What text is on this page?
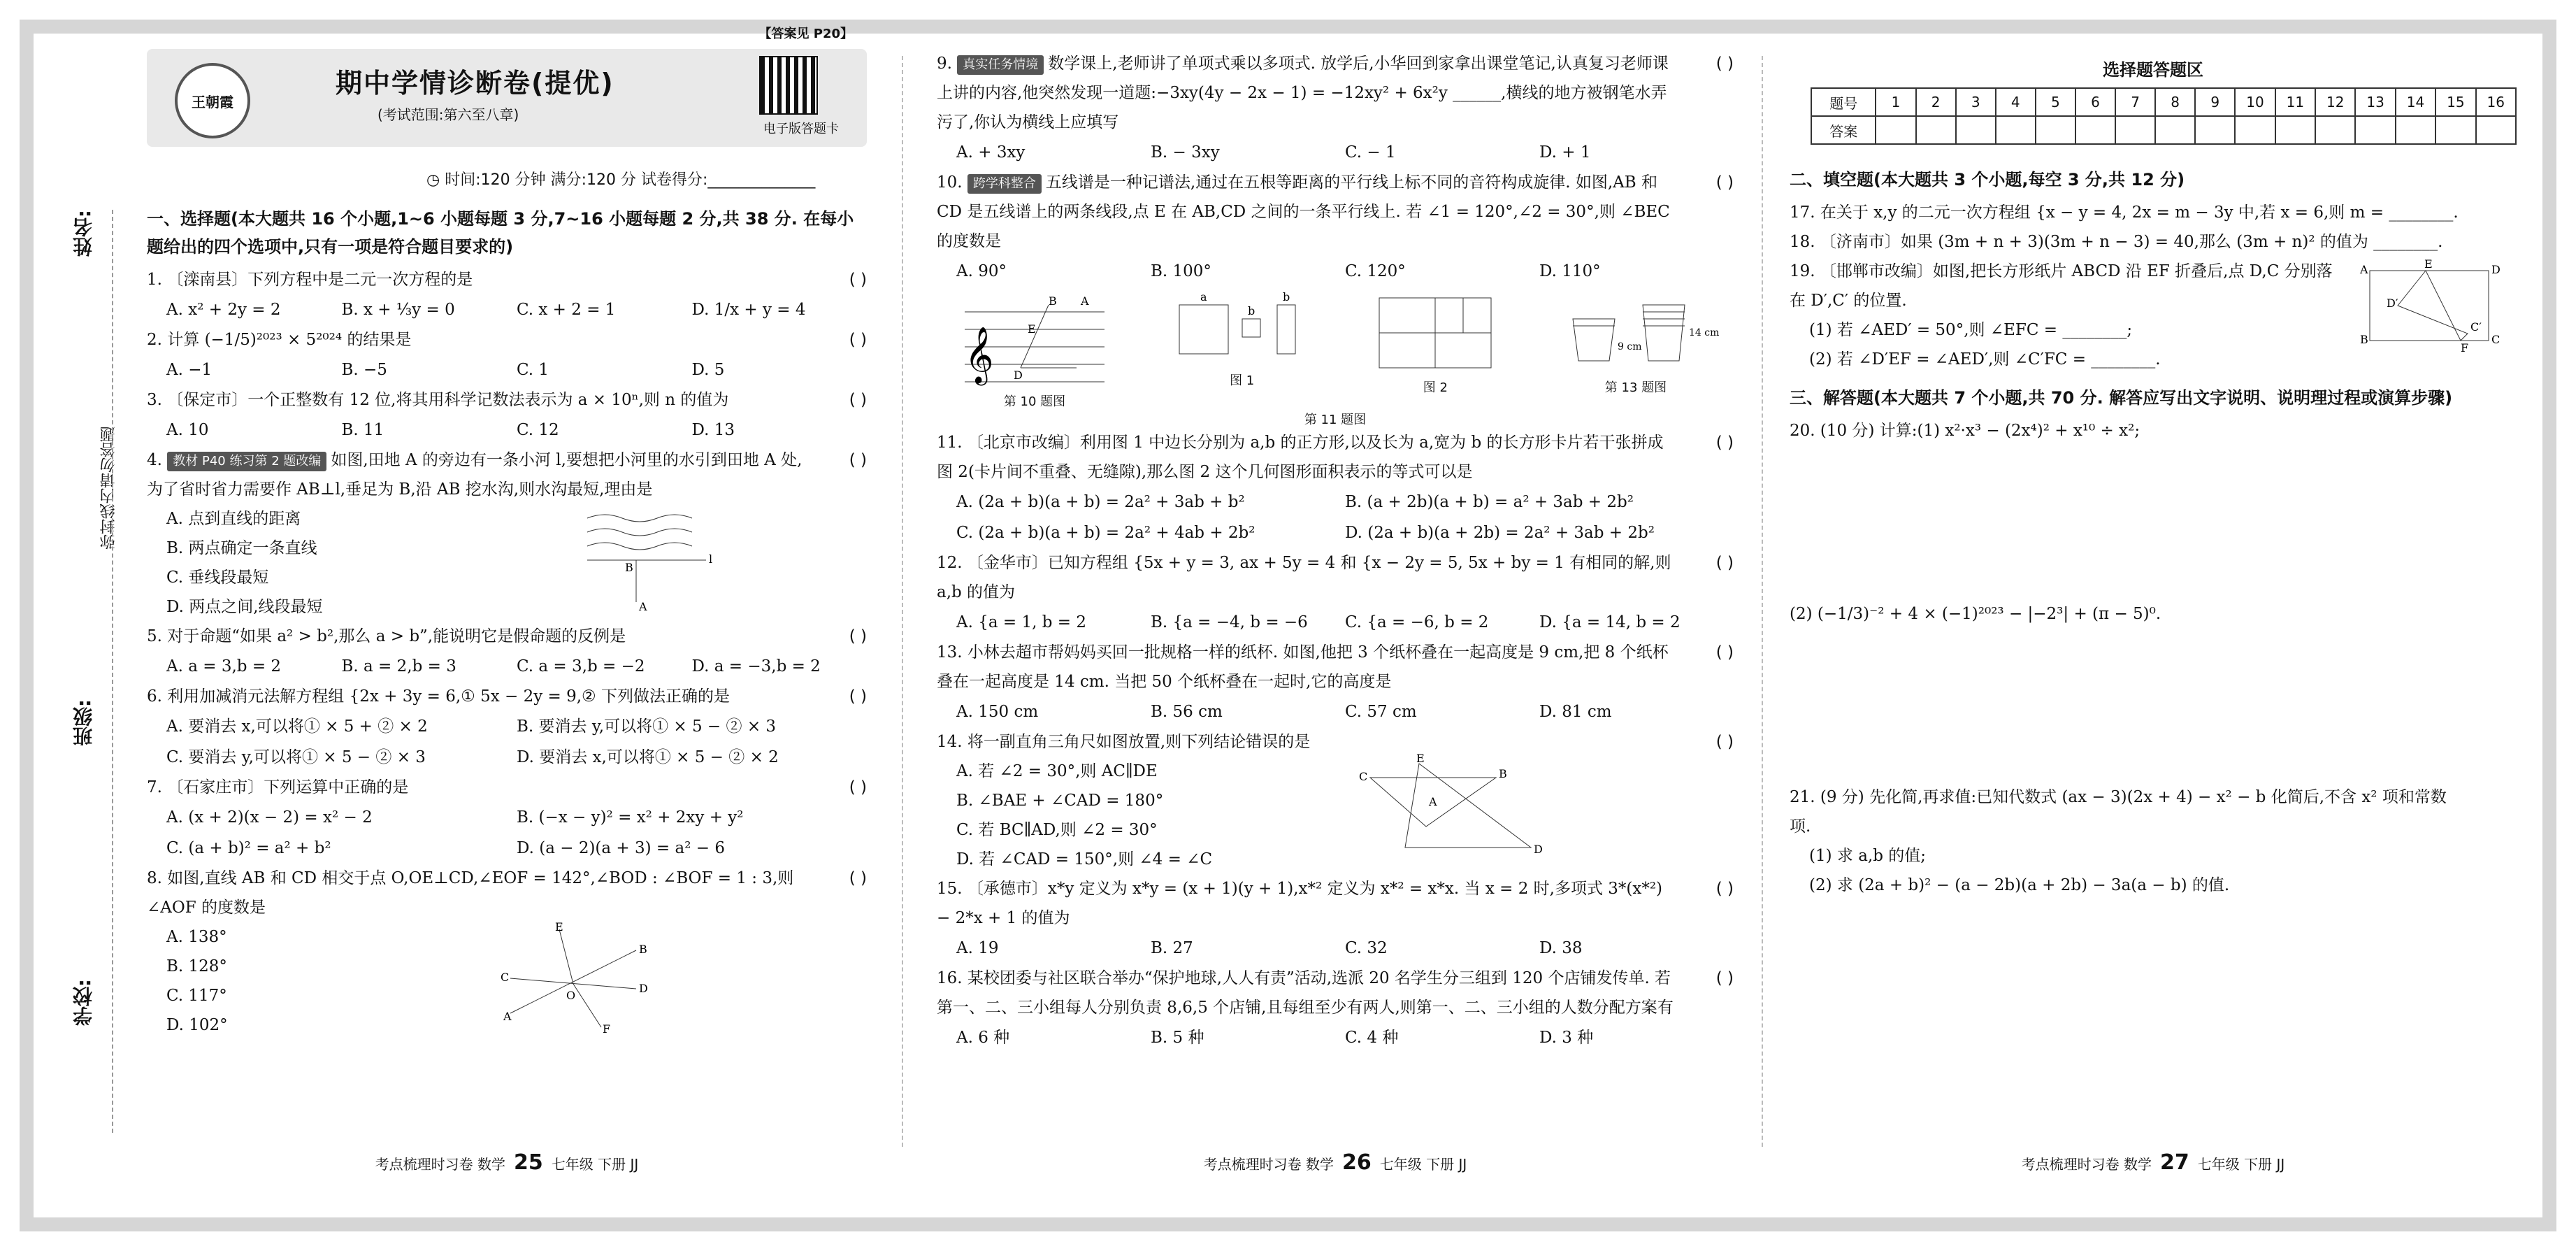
姓名:
弥封线内请勿答题
班级:
学校:
【答案见 P20】
王朝霞
期中学情诊断卷(提优)
(考试范围:第六至八章)
电子版答题卡
◷ 时间:120 分钟 满分:120 分 试卷得分:______________
一、选择题(本大题共 16 个小题,1~6 小题每题 3 分,7~16 小题每题 2 分,共 38 分. 在每小题给出的四个选项中,只有一项是符合题目要求的)
1. 〔滦南县〕下列方程中是二元一次方程的是	( )
A. x² + 2y = 2	B. x + ⅓y = 0	C. x + 2 = 1	D. 1/x + y = 4
2. 计算 (−1/5)²⁰²³ × 5²⁰²⁴ 的结果是	( )
A. −1	B. −5	C. 1	D. 5
3. 〔保定市〕一个正整数有 12 位,将其用科学记数法表示为 a × 10ⁿ,则 n 的值为	( )
A. 10	B. 11	C. 12	D. 13
4. 教材 P40 练习第 2 题改编 如图,田地 A 的旁边有一条小河 l,要想把小河里的水引到田地 A 处,为了省时省力需要作 AB⊥l,垂足为 B,沿 AB 挖水沟,则水沟最短,理由是
( )
A. 点到直线的距离
B. 两点确定一条直线
C. 垂线段最短
D. 两点之间,线段最短
B
A
l
5. 对于命题“如果 a² > b²,那么 a > b”,能说明它是假命题的反例是	( )
A. a = 3,b = 2	B. a = 2,b = 3	C. a = 3,b = −2	D. a = −3,b = 2
6. 利用加减消元法解方程组 {2x + 3y = 6,① 5x − 2y = 9,② 下列做法正确的是	( )
A. 要消去 x,可以将① × 5 + ② × 2	B. 要消去 y,可以将① × 5 − ② × 3
C. 要消去 y,可以将① × 5 − ② × 3	D. 要消去 x,可以将① × 5 − ② × 2
7. 〔石家庄市〕下列运算中正确的是	( )
A. (x + 2)(x − 2) = x² − 2	B. (−x − y)² = x² + 2xy + y²
C. (a + b)² = a² + b²	D. (a − 2)(a + 3) = a² − 6
8. 如图,直线 AB 和 CD 相交于点 O,OE⊥CD,∠EOF = 142°,∠BOD : ∠BOF = 1 : 3,则 ∠AOF 的度数是
( )
A. 138°
B. 128°
C. 117°
D. 102°
E
B
D
C
A
O
F
考点梳理时习卷 数学 25 七年级 下册 JJ
9. 真实任务情境 数学课上,老师讲了单项式乘以多项式. 放学后,小华回到家拿出课堂笔记,认真复习老师课上讲的内容,他突然发现一道题:−3xy(4y − 2x − 1) = −12xy² + 6x²y ______,横线的地方被钢笔水弄污了,你认为横线上应填写
( )
A. + 3xy	B. − 3xy	C. − 1	D. + 1
10. 跨学科整合 五线谱是一种记谱法,通过在五根等距离的平行线上标不同的音符构成旋律. 如图,AB 和 CD 是五线谱上的两条线段,点 E 在 AB,CD 之间的一条平行线上. 若 ∠1 = 120°,∠2 = 30°,则 ∠BEC 的度数是
( )
A. 90°	B. 100°	C. 120°	D. 110°
𝄞
B A
D
E
第 10 题图
a
b
b
图 1	图 2
9 cm
14 cm
第 13 题图
第 11 题图
11. 〔北京市改编〕利用图 1 中边长分别为 a,b 的正方形,以及长为 a,宽为 b 的长方形卡片若干张拼成图 2(卡片间不重叠、无缝隙),那么图 2 这个几何图形面积表示的等式可以是
( )
A. (2a + b)(a + b) = 2a² + 3ab + b²	B. (a + 2b)(a + b) = a² + 3ab + 2b²
C. (2a + b)(a + b) = 2a² + 4ab + 2b²	D. (2a + b)(a + 2b) = 2a² + 3ab + 2b²
12. 〔金华市〕已知方程组 {5x + y = 3, ax + 5y = 4 和 {x − 2y = 5, 5x + by = 1 有相同的解,则 a,b 的值为
( )
A. {a = 1, b = 2	B. {a = −4, b = −6	C. {a = −6, b = 2	D. {a = 14, b = 2
13. 小林去超市帮妈妈买回一批规格一样的纸杯. 如图,他把 3 个纸杯叠在一起高度是 9 cm,把 8 个纸杯叠在一起高度是 14 cm. 当把 50 个纸杯叠在一起时,它的高度是
( )
A. 150 cm	B. 56 cm	C. 57 cm	D. 81 cm
14. 将一副直角三角尺如图放置,则下列结论错误的是	( )
A. 若 ∠2 = 30°,则 AC∥DE
B. ∠BAE + ∠CAD = 180°
C. 若 BC∥AD,则 ∠2 = 30°
D. 若 ∠CAD = 150°,则 ∠4 = ∠C
C
E
B
A
D
15. 〔承德市〕x*y 定义为 x*y = (x + 1)(y + 1),x*² 定义为 x*² = x*x. 当 x = 2 时,多项式 3*(x*²) − 2*x + 1 的值为
( )
A. 19	B. 27	C. 32	D. 38
16. 某校团委与社区联合举办“保护地球,人人有责”活动,选派 20 名学生分三组到 120 个店铺发传单. 若第一、二、三小组每人分别负责 8,6,5 个店铺,且每组至少有两人,则第一、二、三小组的人数分配方案有
( )
A. 6 种	B. 5 种	C. 4 种	D. 3 种
考点梳理时习卷 数学 26 七年级 下册 JJ
选择题答题区
题号	1	2	3	4	5	6	7	8	9	10	11	12	13	14	15	16
答案																
二、填空题(本大题共 3 个小题,每空 3 分,共 12 分)
17. 在关于 x,y 的二元一次方程组 {x − y = 4, 2x = m − 3y 中,若 x = 6,则 m = ________.
18. 〔济南市〕如果 (3m + n + 3)(3m + n − 3) = 40,那么 (3m + n)² 的值为 ________.
19. 〔邯郸市改编〕如图,把长方形纸片 ABCD 沿 EF 折叠后,点 D,C 分别落在 D′,C′ 的位置.
(1) 若 ∠AED′ = 50°,则 ∠EFC = ________;
(2) 若 ∠D′EF = ∠AED′,则 ∠C′FC = ________.
A	E	D
B
F
C
D′
C′
三、解答题(本大题共 7 个小题,共 70 分. 解答应写出文字说明、说明理过程或演算步骤)
20. (10 分) 计算:(1) x²·x³ − (2x⁴)² + x¹⁰ ÷ x²;
(2) (−1/3)⁻² + 4 × (−1)²⁰²³ − |−2³| + (π − 5)⁰.
21. (9 分) 先化简,再求值:已知代数式 (ax − 3)(2x + 4) − x² − b 化简后,不含 x² 项和常数项.
(1) 求 a,b 的值;
(2) 求 (2a + b)² − (a − 2b)(a + 2b) − 3a(a − b) 的值.
考点梳理时习卷 数学 27 七年级 下册 JJ
